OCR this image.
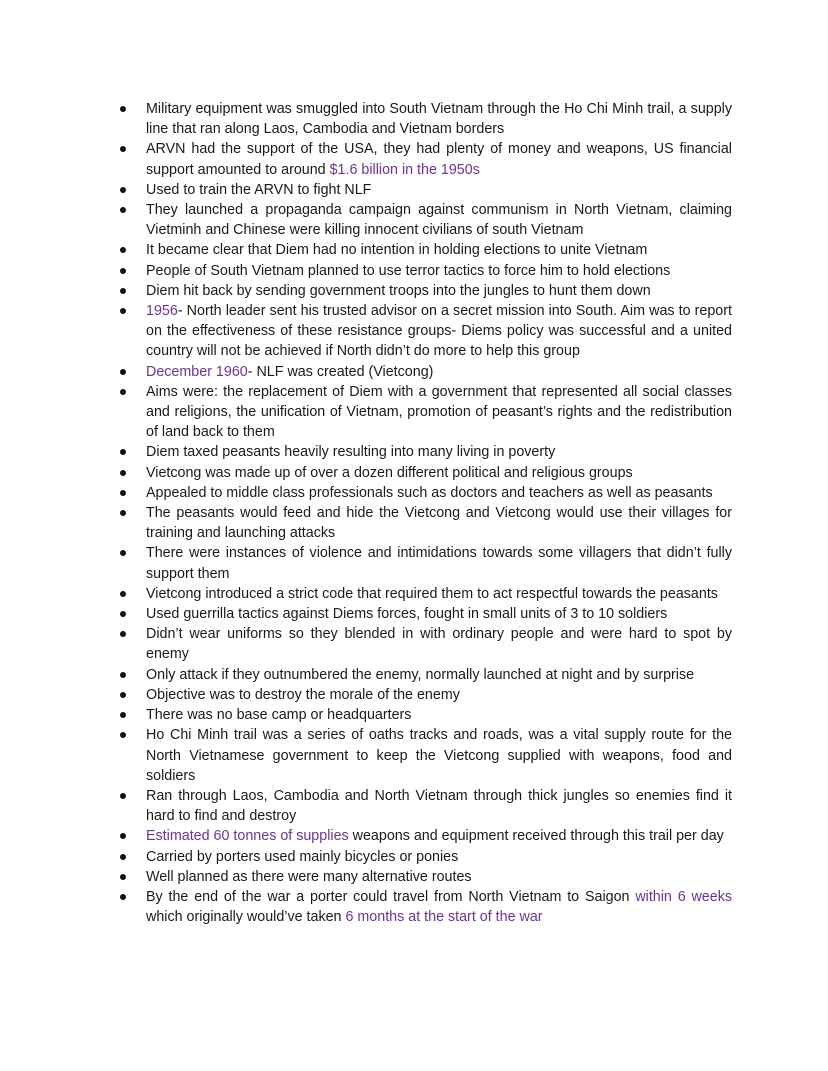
Military equipment was smuggled into South Vietnam through the Ho Chi Minh trail, a supply line that ran along Laos, Cambodia and Vietnam borders
ARVN had the support of the USA, they had plenty of money and weapons, US financial support amounted to around $1.6 billion in the 1950s
Used to train the ARVN to fight NLF
They launched a propaganda campaign against communism in North Vietnam, claiming Vietminh and Chinese were killing innocent civilians of south Vietnam
It became clear that Diem had no intention in holding elections to unite Vietnam
People of South Vietnam planned to use terror tactics to force him to hold elections
Diem hit back by sending government troops into the jungles to hunt them down
1956- North leader sent his trusted advisor on a secret mission into South. Aim was to report on the effectiveness of these resistance groups- Diems policy was successful and a united country will not be achieved if North didn’t do more to help this group
December 1960- NLF was created (Vietcong)
Aims were: the replacement of Diem with a government that represented all social classes and religions, the unification of Vietnam, promotion of peasant’s rights and the redistribution of land back to them
Diem taxed peasants heavily resulting into many living in poverty
Vietcong was made up of over a dozen different political and religious groups
Appealed to middle class professionals such as doctors and teachers as well as peasants
The peasants would feed and hide the Vietcong and Vietcong would use their villages for training and launching attacks
There were instances of violence and intimidations towards some villagers that didn’t fully support them
Vietcong introduced a strict code that required them to act respectful towards the peasants
Used guerrilla tactics against Diems forces, fought in small units of 3 to 10 soldiers
Didn’t wear uniforms so they blended in with ordinary people and were hard to spot by enemy
Only attack if they outnumbered the enemy, normally launched at night and by surprise
Objective was to destroy the morale of the enemy
There was no base camp or headquarters
Ho Chi Minh trail was a series of oaths tracks and roads, was a vital supply route for the North Vietnamese government to keep the Vietcong supplied with weapons, food and soldiers
Ran through Laos, Cambodia and North Vietnam through thick jungles so enemies find it hard to find and destroy
Estimated 60 tonnes of supplies weapons and equipment received through this trail per day
Carried by porters used mainly bicycles or ponies
Well planned as there were many alternative routes
By the end of the war a porter could travel from North Vietnam to Saigon within 6 weeks which originally would’ve taken 6 months at the start of the war
